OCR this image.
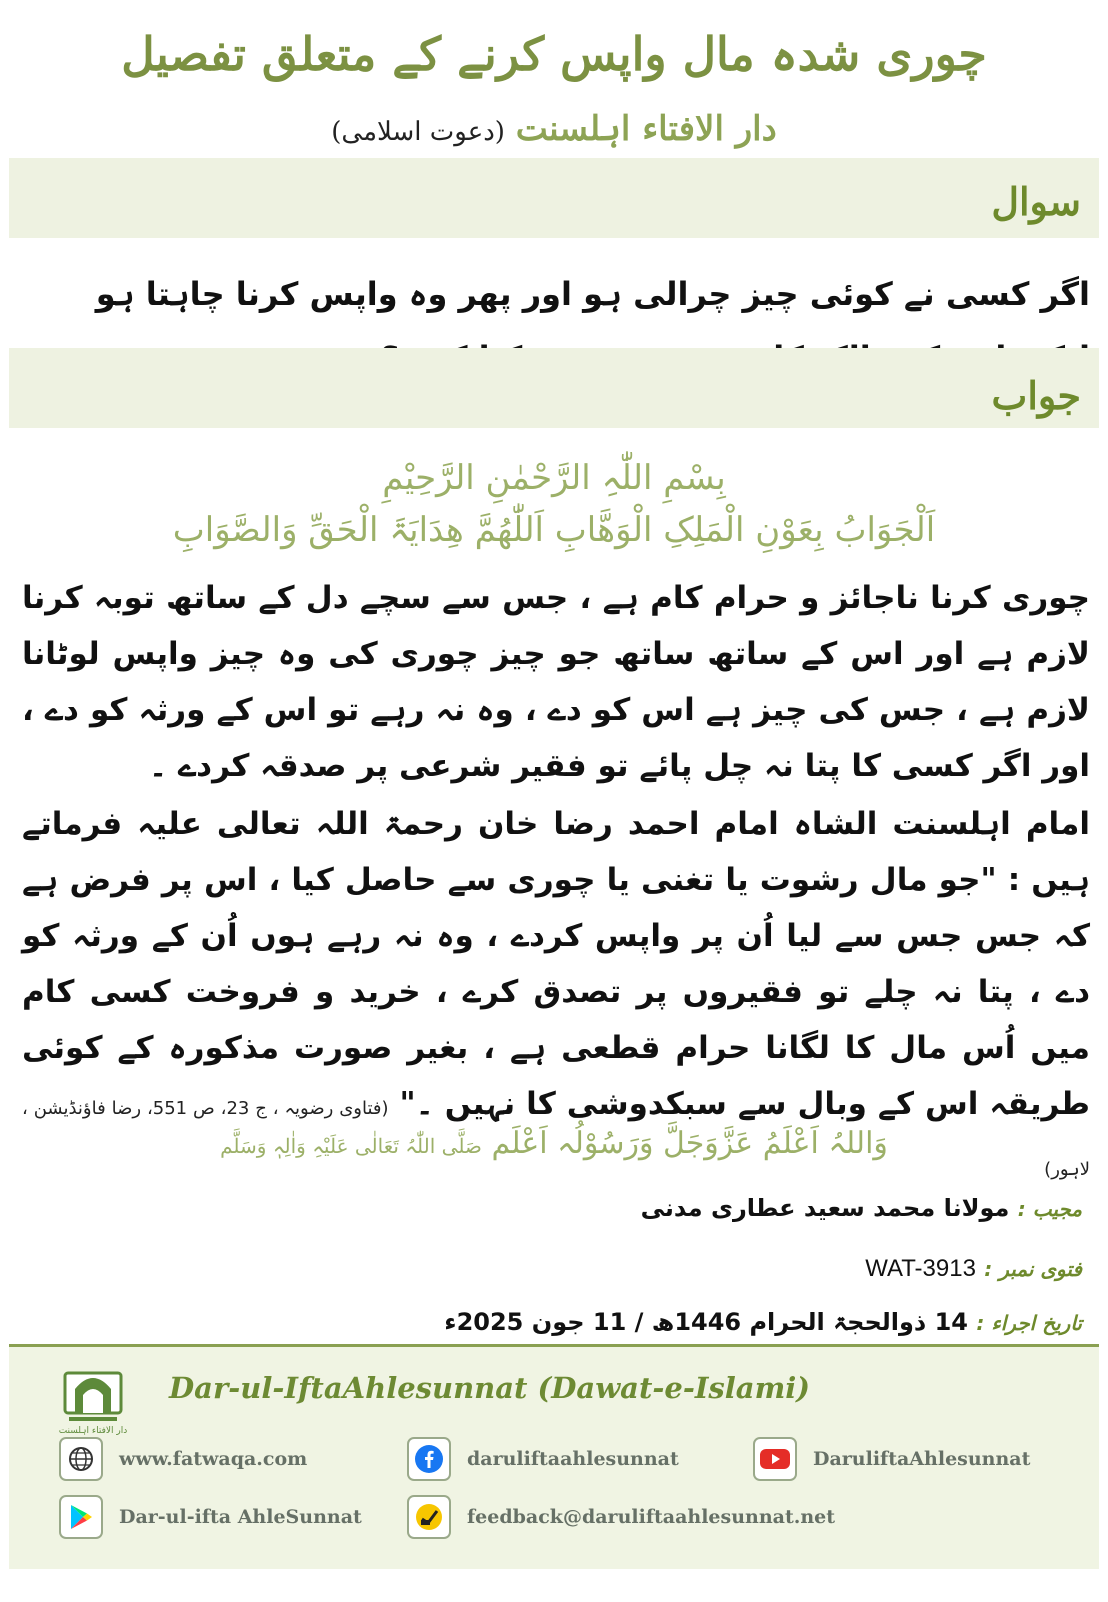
چوری شدہ مال واپس کرنے کے متعلق تفصیل
دار الافتاء اہلسنت (دعوت اسلامی)
سوال
اگر کسی نے کوئی چیز چرالی ہو اور پھر وہ واپس کرنا چاہتا ہو
جواب
بِسْمِ اللّٰہِ الرَّحْمٰنِ الرَّحِیْمِ
اَلْجَوَابُ بِعَوْنِ الْمَلِکِ الْوَھَّابِ اَللّٰھُمَّ ھِدَایَۃَ الْحَقِّ وَالصَّوَابِ
چوری کرنا ناجائز و حرام کام ہے ، جس سے سچے دل کے ساتھ توبہ کرنا لازم ہے اور اس کے ساتھ ساتھ جو چیز چوری کی وہ چیز واپس لوٹانا لازم ہے ، جس کی چیز ہے اس کو دے ، وہ نہ رہے تو اس کے ورثہ کو دے ، اور اگر کسی کا پتا نہ چل پائے تو فقیر شرعی پر صدقہ کردے ۔
امام اہلسنت الشاہ امام احمد رضا خان رحمۃ اللہ تعالی علیہ فرماتے ہیں : "جو مال رشوت یا تغنی یا چوری سے حاصل کیا ، اس پر فرض ہے کہ جس جس سے لیا اُن پر واپس کردے ، وہ نہ رہے ہوں اُن کے ورثہ کو دے ، پتا نہ چلے تو فقیروں پر تصدق کرے ، خرید و فروخت کسی کام میں اُس مال کا لگانا حرام قطعی ہے ، بغیر صورت مذکورہ کے کوئی طریقہ اس کے وبال سے سبکدوشی کا نہیں ۔" (فتاوی رضویہ ، ج 23، ص 551، رضا فاؤنڈیشن ، لاہور)
وَاللہُ اَعْلَمُ عَزَّوَجَلَّ وَرَسُوْلُہ اَعْلَم صَلَّی اللّٰہُ تَعَالٰی عَلَیْہِ وَاٰلِہٖ وَسَلَّم
مجیب : مولانا محمد سعید عطاری مدنی
فتوی نمبر : WAT-3913
تاریخ اجراء : 14 ذوالحجۃ الحرام 1446ھ / 11 جون 2025ء
دار الافتاء اہلسنت
Dar-ul-IftaAhlesunnat (Dawat-e-Islami)
www.fatwaqa.com	daruliftaahlesunnat	DaruliftaAhlesunnat
Dar-ul-ifta AhleSunnat	feedback@daruliftaahlesunnat.net
